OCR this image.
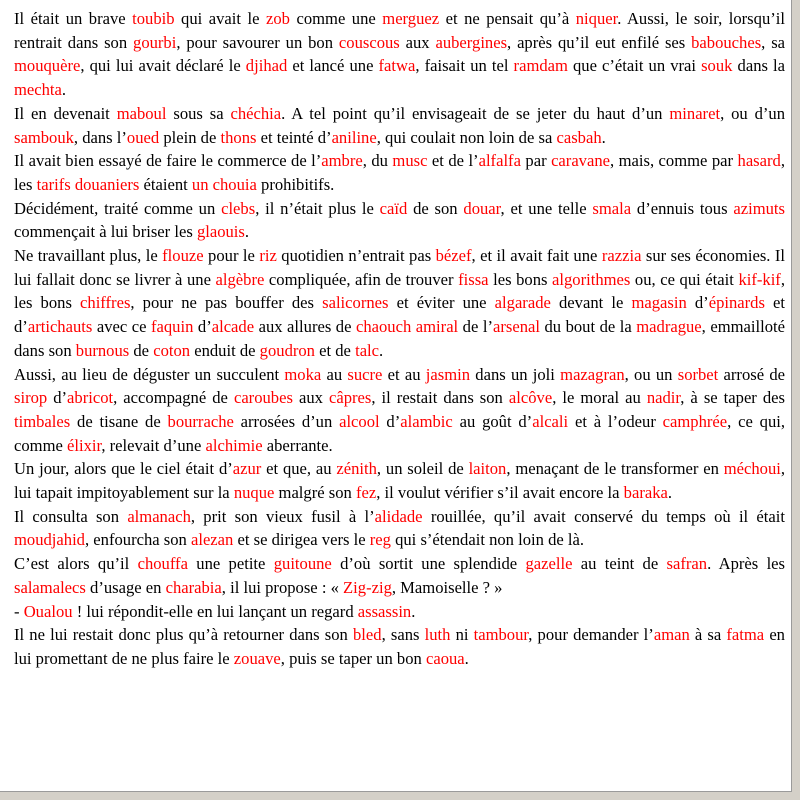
Il était un brave toubib qui avait le zob comme une merguez et ne pensait qu’à niquer. Aussi, le soir, lorsqu’il rentrait dans son gourbi, pour savourer un bon couscous aux aubergines, après qu’il eut enfilé ses babouches, sa mouquère, qui lui avait déclaré le djihad et lancé une fatwa, faisait un tel ramdam que c’était un vrai souk dans la mechta.

Il en devenait maboul sous sa chéchia. A tel point qu’il envisageait de se jeter du haut d’un minaret, ou d’un sambouk, dans l’oued plein de thons et teinté d’aniline, qui coulait non loin de sa casbah.

Il avait bien essayé de faire le commerce de l’ambre, du musc et de l’alfalfa par caravane, mais, comme par hasard, les tarifs douaniers étaient un chouia prohibitifs.

Décidément, traité comme un clebs, il n’était plus le caïd de son douar, et une telle smala d’ennuis tous azimuts commençait à lui briser les glaouis.

Ne travaillant plus, le flouze pour le riz quotidien n’entrait pas bézef, et il avait fait une razzia sur ses économies. Il lui fallait donc se livrer à une algèbre compliquée, afin de trouver fissa les bons algorithmes ou, ce qui était kif-kif, les bons chiffres, pour ne pas bouffer des salicornes et éviter une algarade devant le magasin d’épinards et d’artichauts avec ce faquin d’alcade aux allures de chaouch amiral de l’arsenal du bout de la madrague, emmailloté dans son burnous de coton enduit de goudron et de talc.

Aussi, au lieu de déguster un succulent moka au sucre et au jasmin dans un joli mazagran, ou un sorbet arrosé de sirop d’abricot, accompagné de caroubes aux câpres, il restait dans son alcôve, le moral au nadir, à se taper des timbales de tisane de bourrache arrosées d’un alcool d’alambic au goût d’alcali et à l’odeur camphrée, ce qui, comme élixir, relevait d’une alchimie aberrante.

Un jour, alors que le ciel était d’azur et que, au zénith, un soleil de laiton, menaçant de le transformer en méchoui, lui tapait impitoyablement sur la nuque malgré son fez, il voulut vérifier s’il avait encore la baraka.

Il consulta son almanach, prit son vieux fusil à l’alidade rouillée, qu’il avait conservé du temps où il était moudjahid, enfourcha son alezan et se dirigea vers le reg qui s’étendait non loin de là.

C’est alors qu’il chouffa une petite guitoune d’où sortit une splendide gazelle au teint de safran. Après les salamalecs d’usage en charabia, il lui propose : « Zig-zig, Mamoiselle ? »

- Oualou ! lui répondit-elle en lui lançant un regard assassin.

Il ne lui restait donc plus qu’à retourner dans son bled, sans luth ni tambour, pour demander l’aman à sa fatma en lui promettant de ne plus faire le zouave, puis se taper un bon caoua.
